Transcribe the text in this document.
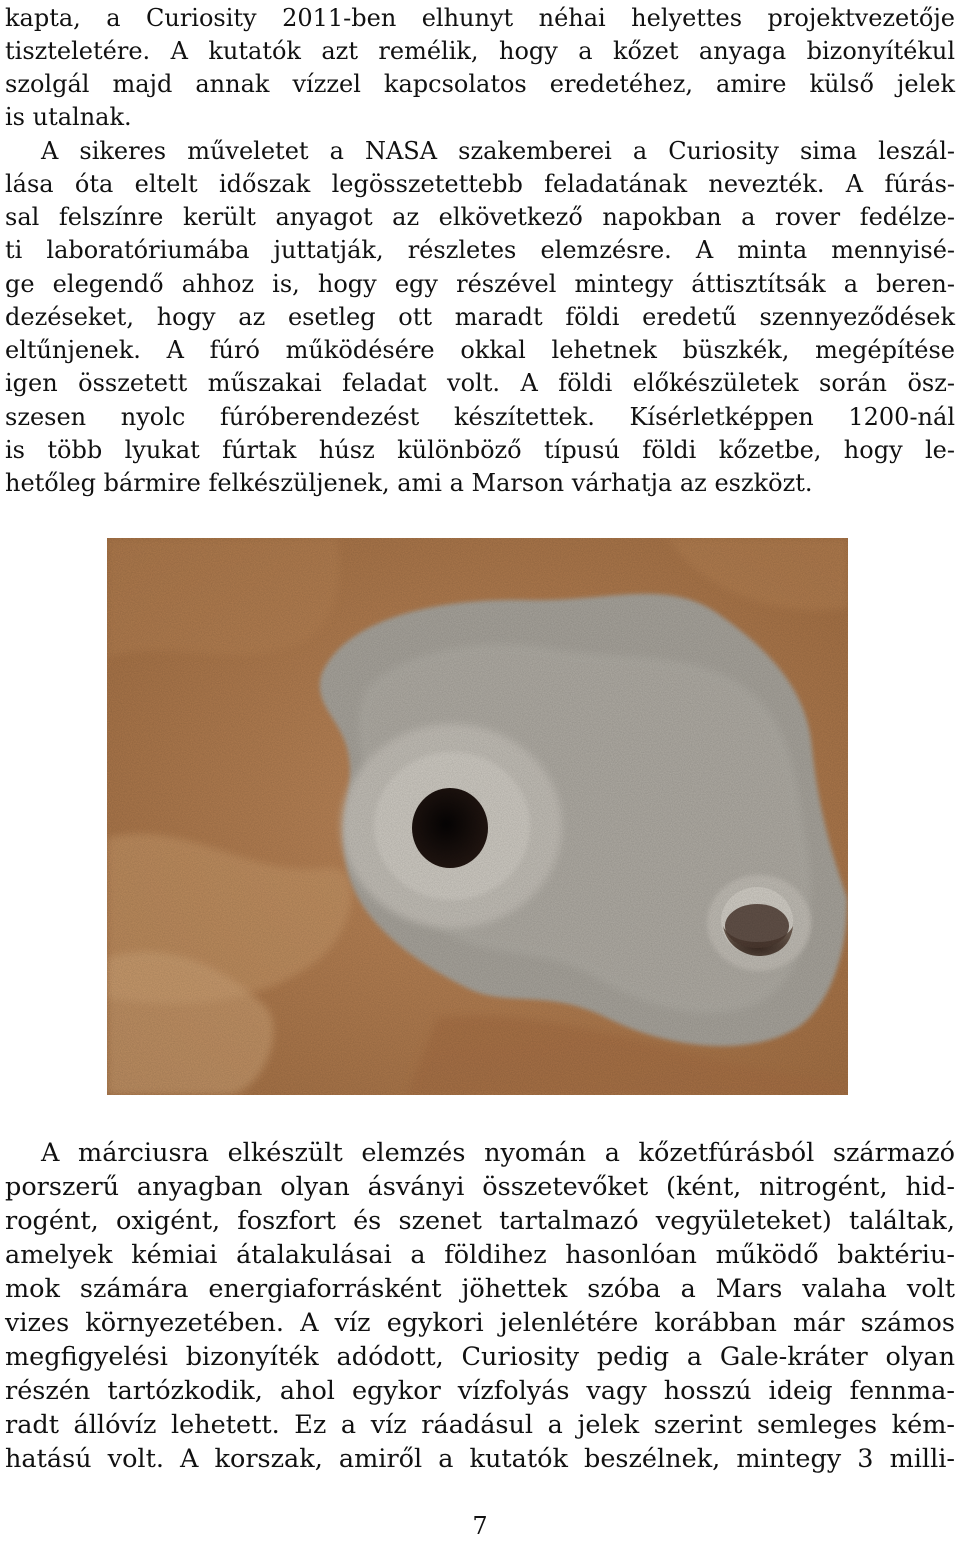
kapta, a Curiosity 2011-ben elhunyt néhai helyettes projektvezetője

tiszteletére. A kutatók azt remélik, hogy a kőzet anyaga bizonyítékul

szolgál majd annak vízzel kapcsolatos eredetéhez, amire külső jelek

is utalnak.

A sikeres műveletet a NASA szakemberei a Curiosity sima leszál-

lása óta eltelt időszak legösszetettebb feladatának nevezték. A fúrás-

sal felszínre került anyagot az elkövetkező napokban a rover fedélze-

ti laboratóriumába juttatják, részletes elemzésre. A minta mennyisé-

ge elegendő ahhoz is, hogy egy részével mintegy áttisztítsák a beren-

dezéseket, hogy az esetleg ott maradt földi eredetű szennyeződések

eltűnjenek. A fúró működésére okkal lehetnek büszkék, megépítése

igen összetett műszakai feladat volt. A földi előkészületek során ösz-

szesen nyolc fúróberendezést készítettek. Kísérletképpen 1200-nál

is több lyukat fúrtak húsz különböző típusú földi kőzetbe, hogy le-

hetőleg bármire felkészüljenek, ami a Marson várhatja az eszközt.

A márciusra elkészült elemzés nyomán a kőzetfúrásból származó

porszerű anyagban olyan ásványi összetevőket (ként, nitrogént, hid-

rogént, oxigént, foszfort és szenet tartalmazó vegyületeket) találtak,

amelyek kémiai átalakulásai a földihez hasonlóan működő baktériu-

mok számára energiaforrásként jöhettek szóba a Mars valaha volt

vizes környezetében. A víz egykori jelenlétére korábban már számos

megfigyelési bizonyíték adódott, Curiosity pedig a Gale-kráter olyan

részén tartózkodik, ahol egykor vízfolyás vagy hosszú ideig fennma-

radt állóvíz lehetett. Ez a víz ráadásul a jelek szerint semleges kém-

hatású volt. A korszak, amiről a kutatók beszélnek, mintegy 3 milli-

7
